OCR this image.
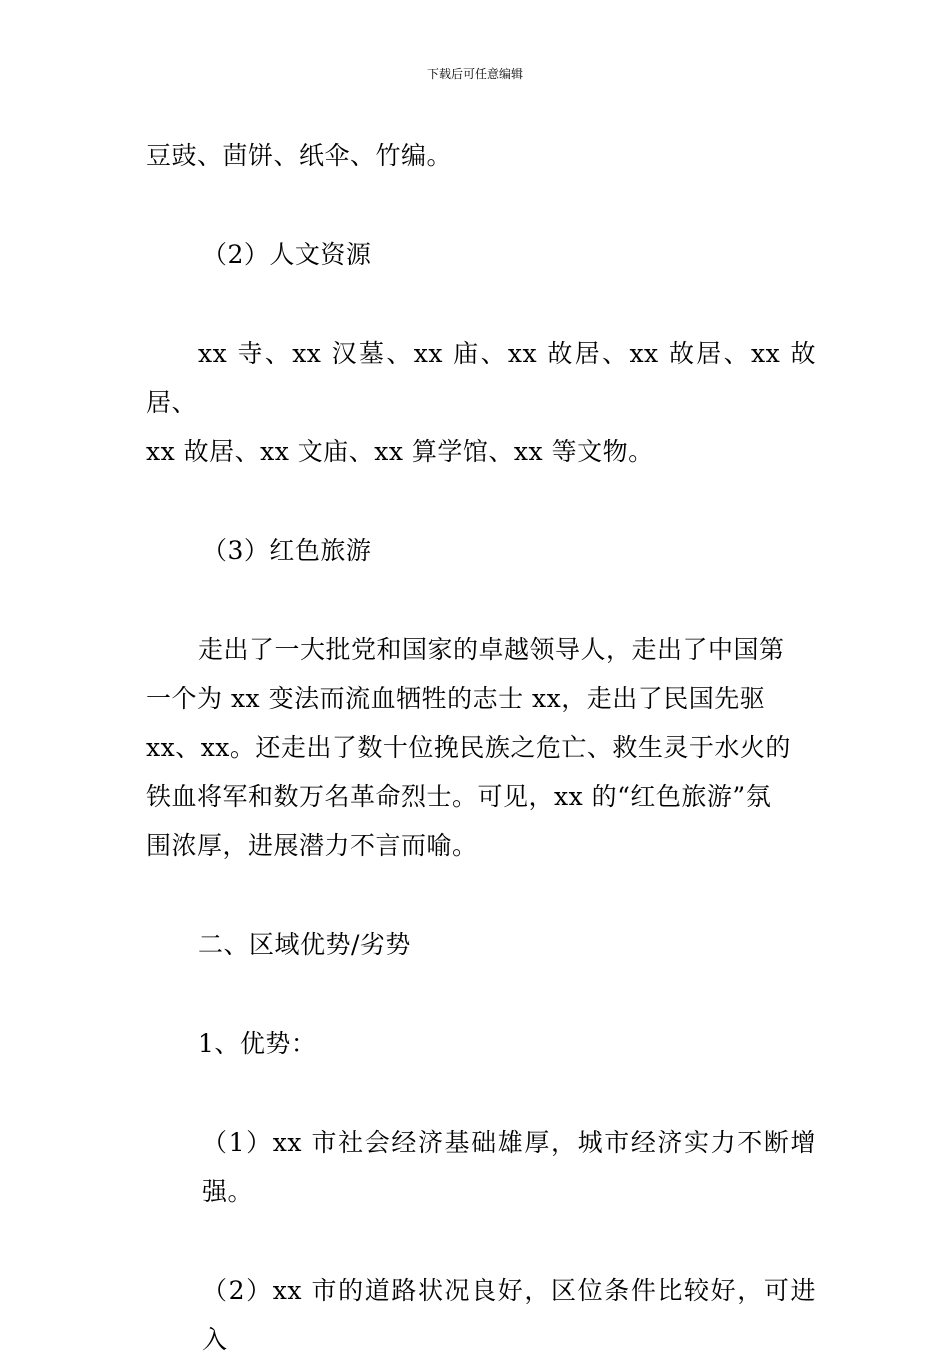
下载后可任意编辑

豆豉、茴饼、纸伞、竹编。

（2）人文资源

xx 寺、xx 汉墓、xx 庙、xx 故居、xx 故居、xx 故居、
xx 故居、xx 文庙、xx 算学馆、xx 等文物。

（3）红色旅游

走出了一大批党和国家的卓越领导人，走出了中国第
一个为 xx 变法而流血牺牲的志士 xx，走出了民国先驱
xx、xx。还走出了数十位挽民族之危亡、救生灵于水火的
铁血将军和数万名革命烈士。可见，xx 的“红色旅游”氛
围浓厚，进展潜力不言而喻。

二、区域优势/劣势

1、优势：

（1）xx 市社会经济基础雄厚，城市经济实力不断增强。

（2）xx 市的道路状况良好，区位条件比较好，可进入
